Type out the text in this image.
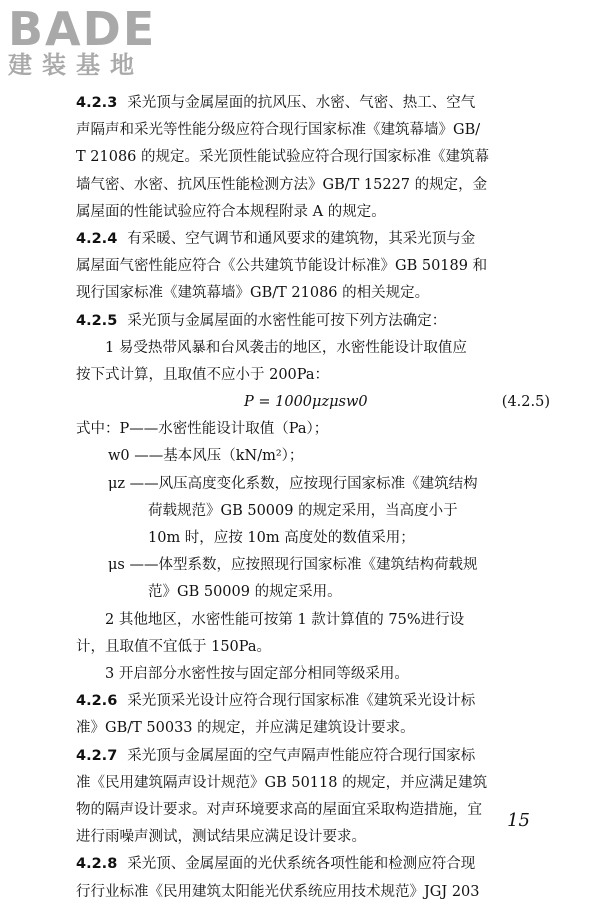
BADE
建装基地

4.2.3 采光顶与金属屋面的抗风压、水密、气密、热工、空气

声隔声和采光等性能分级应符合现行国家标准《建筑幕墙》GB/

T 21086 的规定。采光顶性能试验应符合现行国家标准《建筑幕

墙气密、水密、抗风压性能检测方法》GB/T 15227 的规定，金

属屋面的性能试验应符合本规程附录 A 的规定。

4.2.4 有采暖、空气调节和通风要求的建筑物，其采光顶与金

属屋面气密性能应符合《公共建筑节能设计标准》GB 50189 和

现行国家标准《建筑幕墙》GB/T 21086 的相关规定。

4.2.5 采光顶与金属屋面的水密性能可按下列方法确定：

1 易受热带风暴和台风袭击的地区，水密性能设计取值应

按下式计算，且取值不应小于 200Pa：

P = 1000μzμsw0	(4.2.5)
式中：P——水密性能设计取值（Pa）；
w0 ——基本风压（kN/m²）；
μz ——风压高度变化系数，应按现行国家标准《建筑结构
荷载规范》GB 50009 的规定采用，当高度小于
10m 时，应按 10m 高度处的数值采用；
μs ——体型系数，应按照现行国家标准《建筑结构荷载规
范》GB 50009 的规定采用。

2 其他地区，水密性能可按第 1 款计算值的 75%进行设

计，且取值不宜低于 150Pa。

3 开启部分水密性按与固定部分相同等级采用。

4.2.6 采光顶采光设计应符合现行国家标准《建筑采光设计标

准》GB/T 50033 的规定，并应满足建筑设计要求。

4.2.7 采光顶与金属屋面的空气声隔声性能应符合现行国家标

准《民用建筑隔声设计规范》GB 50118 的规定，并应满足建筑

物的隔声设计要求。对声环境要求高的屋面宜采取构造措施，宜

进行雨噪声测试，测试结果应满足设计要求。

4.2.8 采光顶、金属屋面的光伏系统各项性能和检测应符合现

行行业标准《民用建筑太阳能光伏系统应用技术规范》JGJ 203

15
